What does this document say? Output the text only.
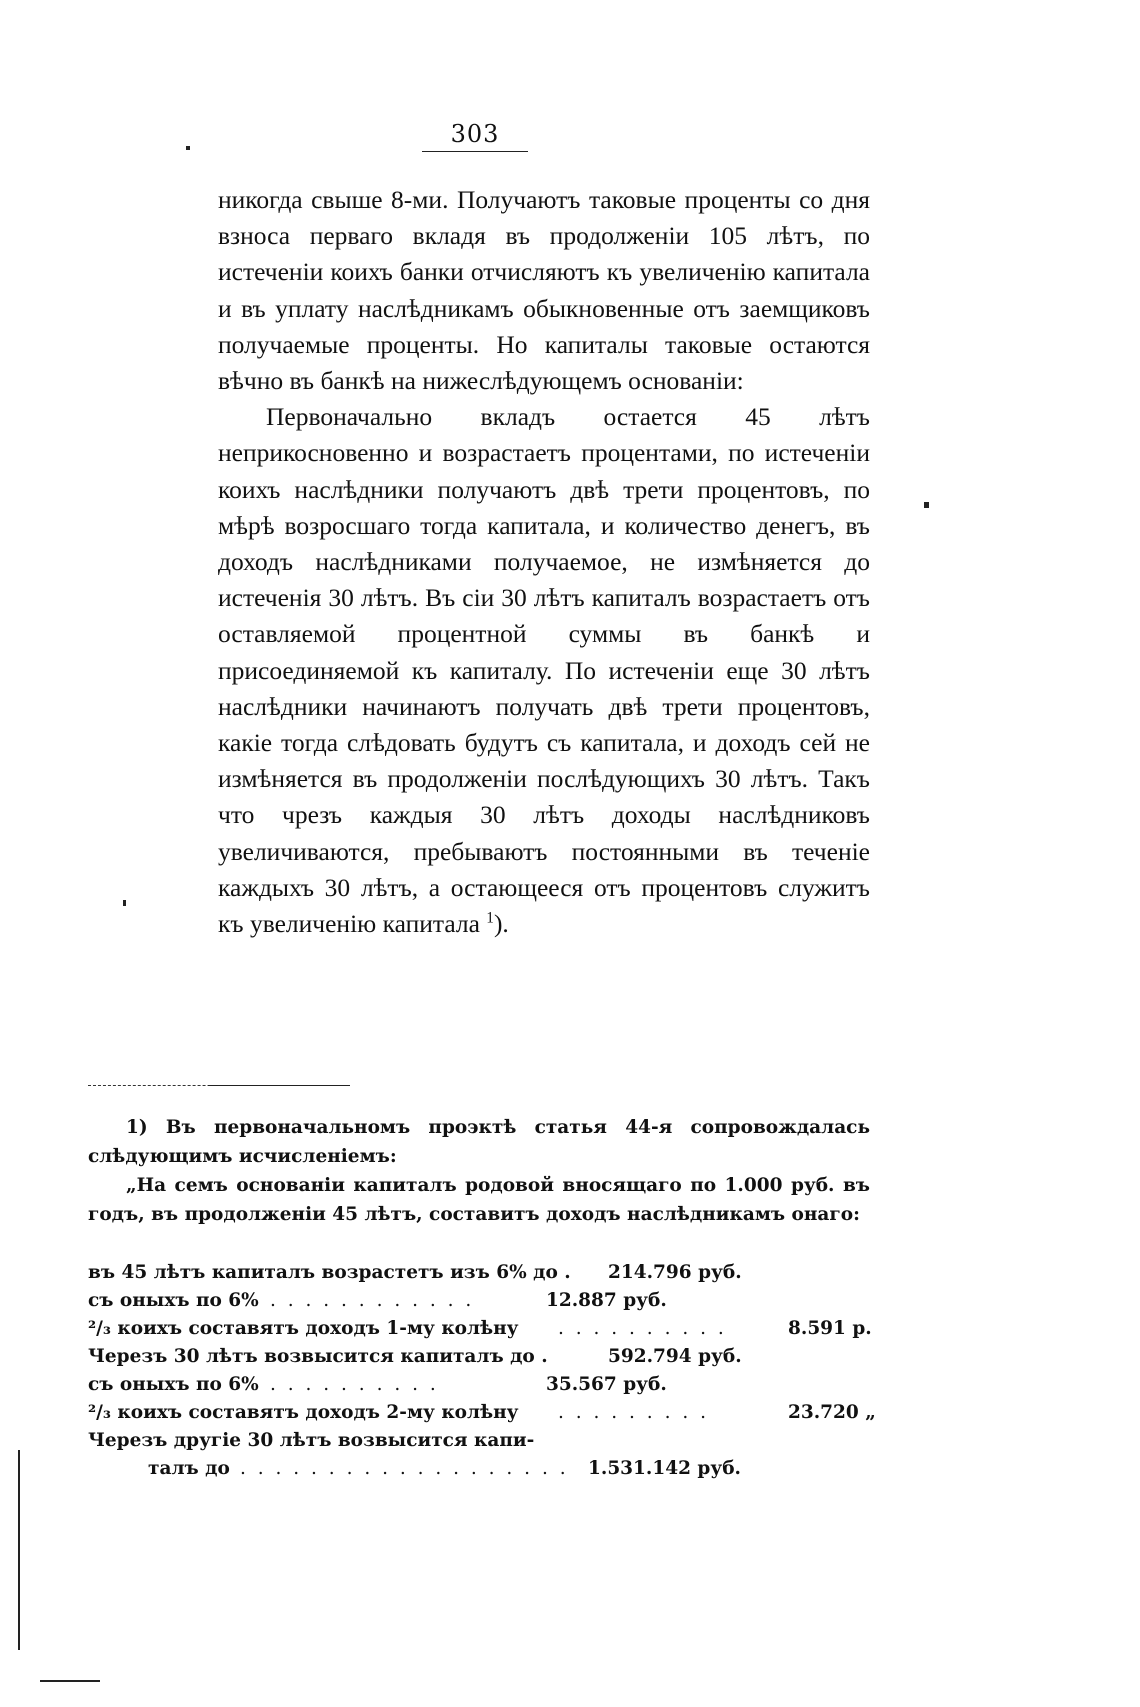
303

никогда свыше 8-ми. Получаютъ таковые проценты со дня взноса перваго вкладя въ продолженiи 105 лѣтъ, по истеченiи коихъ банки отчисляютъ къ увеличенiю капитала и въ уплату наслѣдникамъ обыкновенные отъ заемщиковъ получаемые проценты. Но капиталы таковые остаются вѣчно въ банкѣ на нижеслѣдующемъ основанiи:

Первоначально вкладъ остается 45 лѣтъ неприкосновенно и возрастаетъ процентами, по истеченiи коихъ наслѣдники получаютъ двѣ трети процентовъ, по мѣрѣ возросшаго тогда капитала, и количество денегъ, въ доходъ наслѣдниками получаемое, не измѣняется до истеченiя 30 лѣтъ. Въ сiи 30 лѣтъ капиталъ возрастаетъ отъ оставляемой процентной суммы въ банкѣ и присоединяемой къ капиталу. По истеченiи еще 30 лѣтъ наслѣдники начинаютъ получать двѣ трети процентовъ, какiе тогда слѣдовать будутъ съ капитала, и доходъ сей не измѣняется въ продолженiи послѣдующихъ 30 лѣтъ. Такъ что чрезъ каждыя 30 лѣтъ доходы наслѣдниковъ увеличиваются, пребываютъ постоянными въ теченiе каждыхъ 30 лѣтъ, а остающееся отъ процентовъ служитъ къ увеличенiю капитала $^1$).

1) Въ первоначальномъ проэктѣ статья 44-я сопровождалась слѣдующимъ исчисленiемъ:

„На семъ основанiи капиталъ родовой вносящаго по 1.000 руб. въ годъ, въ продолженiи 45 лѣтъ, составитъ доходъ наслѣдникамъ онаго:

въ 45 лѣтъ капиталъ возрастетъ изъ 6% до . 214.796 руб.
съ оныхъ по 6% . . . . . . . . . . . .	12.887 руб.
²/₃ коихъ составятъ доходъ 1-му колѣну . . . . . . . . . .	8.591 р.
Черезъ 30 лѣтъ возвысится капиталъ до .	592.794 руб.
съ оныхъ по 6% . . . . . . . . . .	35.567 руб.
²/₃ коихъ составятъ доходъ 2-му колѣну . . . . . . . . .	23.720 „
Черезъ другiе 30 лѣтъ возвысится капи-
талъ до . . . . . . . . . . . . . . . . . . . 1.531.142 руб.
